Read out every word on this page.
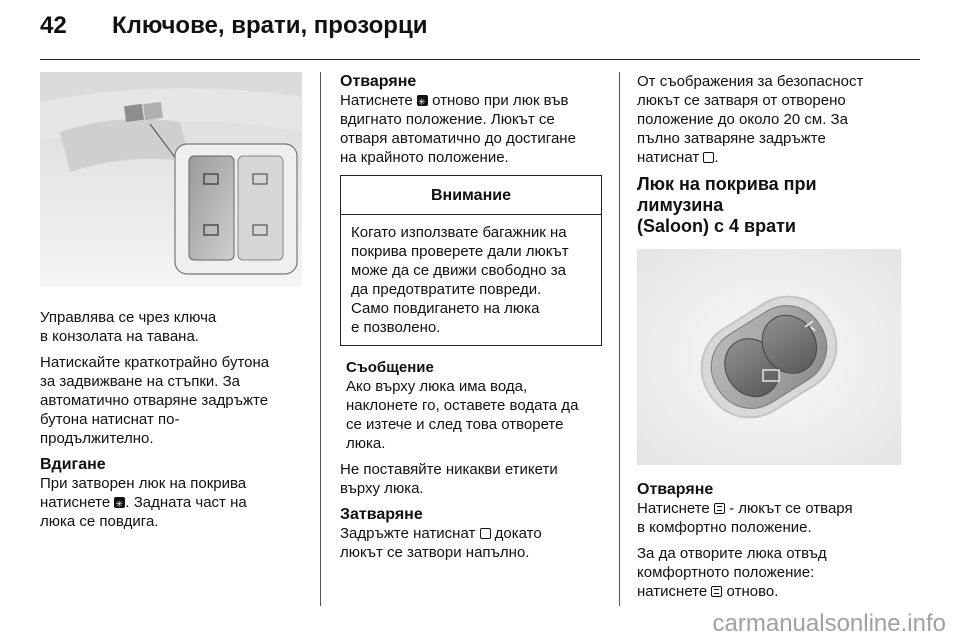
42 Ключове, врати, прозорци

Управлява се чрез ключа
в конзолата на тавана.

Натискайте краткотрайно бутона
за задвижване на стъпки. За
автоматично отваряне задръжте
бутона натиснат по-
продължително.

Вдигане

При затворен люк на покрива
натиснете ✳. Задната част на
люка се повдига.

Отваряне

Натиснете ✳ отново при люк във
вдигнато положение. Люкът се
отваря автоматично до достигане
на крайното положение.

Внимание
Когато използвате багажник на
покрива проверете дали люкът
може да се движи свободно за
да предотвратите повреди.
Само повдигането на люка
е позволено.

Съобщение

Ако върху люка има вода,
наклонете го, оставете водата да
се изтече и след това отворете
люка.

Не поставяйте никакви етикети
върху люка.

Затваряне

Задръжте натиснат  докато
люкът се затвори напълно.

От съображения за безопасност
люкът се затваря от отворено
положение до около 20 см. За
пълно затваряне задръжте
натиснат .

Люк на покрива при лимузина
(Saloon) с 4 врати

Отваряне

Натиснете  - люкът се отваря
в комфортно положение.

За да отворите люка отвъд
комфортното положение:
натиснете  отново.

carmanualsonline.info
